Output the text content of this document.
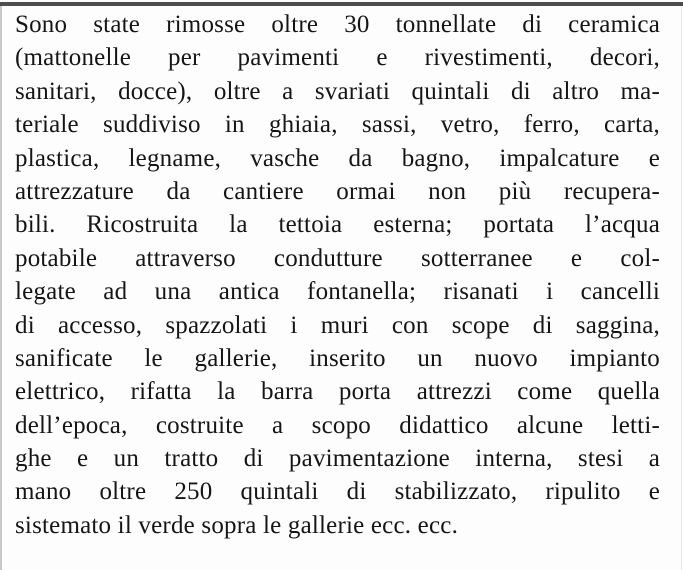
Sono state rimosse oltre 30 tonnellate di ceramica
(mattonelle per pavimenti e rivestimenti, decori,
sanitari, docce), oltre a svariati quintali di altro ma-
teriale suddiviso in ghiaia, sassi, vetro, ferro, carta,
plastica, legname, vasche da bagno, impalcature e
attrezzature da cantiere ormai non più recupera-
bili. Ricostruita la tettoia esterna; portata l’acqua
potabile attraverso condutture sotterranee e col-
legate ad una antica fontanella; risanati i cancelli
di accesso, spazzolati i muri con scope di saggina,
sanificate le gallerie, inserito un nuovo impianto
elettrico, rifatta la barra porta attrezzi come quella
dell’epoca, costruite a scopo didattico alcune letti-
ghe e un tratto di pavimentazione interna, stesi a
mano oltre 250 quintali di stabilizzato, ripulito e
sistemato il verde sopra le gallerie ecc. ecc.
